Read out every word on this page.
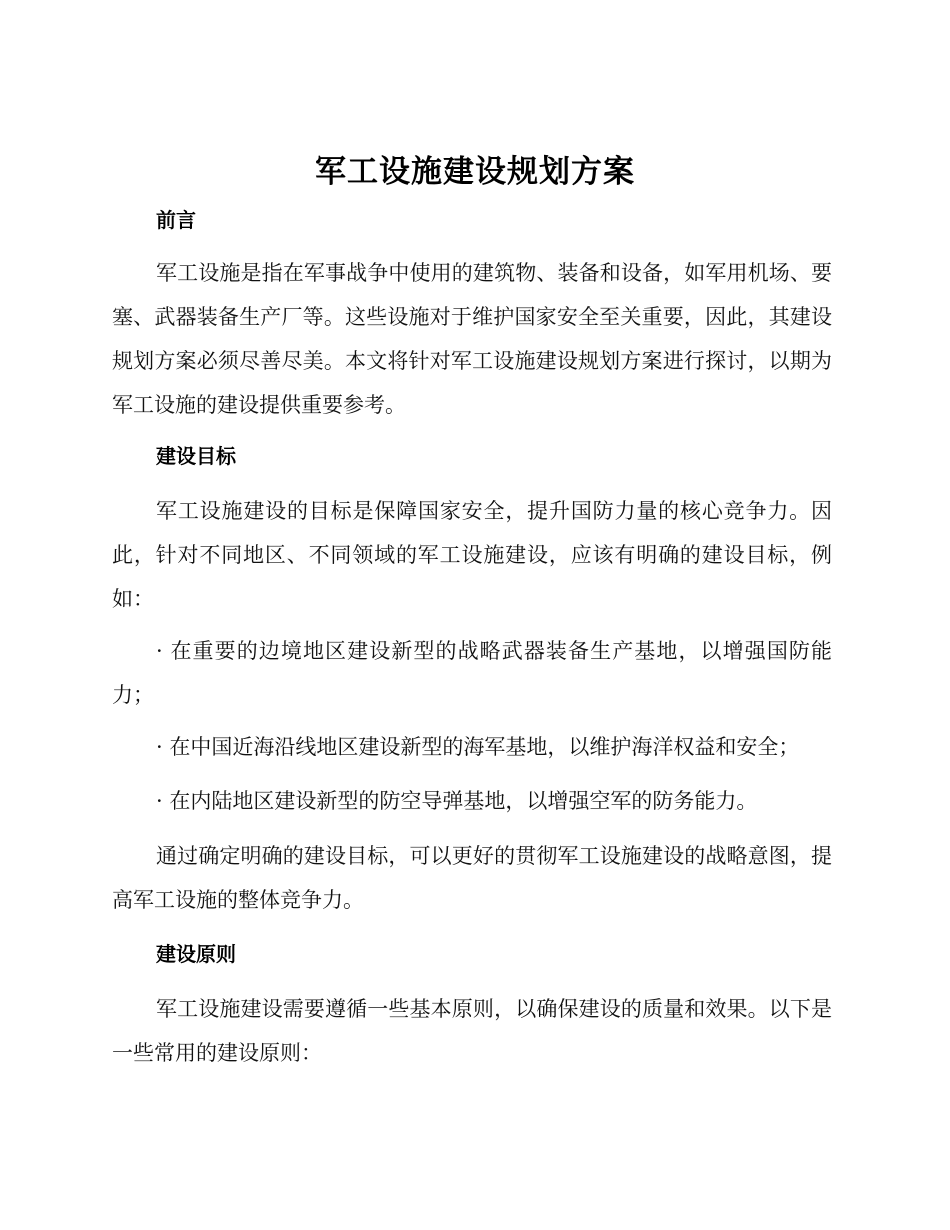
军工设施建设规划方案
前言
军工设施是指在军事战争中使用的建筑物、装备和设备，如军用机场、要塞、武器装备生产厂等。这些设施对于维护国家安全至关重要，因此，其建设规划方案必须尽善尽美。本文将针对军工设施建设规划方案进行探讨，以期为军工设施的建设提供重要参考。
建设目标
军工设施建设的目标是保障国家安全，提升国防力量的核心竞争力。因此，针对不同地区、不同领域的军工设施建设，应该有明确的建设目标，例如：
· 在重要的边境地区建设新型的战略武器装备生产基地，以增强国防能力；
· 在中国近海沿线地区建设新型的海军基地，以维护海洋权益和安全；
· 在内陆地区建设新型的防空导弹基地，以增强空军的防务能力。
通过确定明确的建设目标，可以更好的贯彻军工设施建设的战略意图，提高军工设施的整体竞争力。
建设原则
军工设施建设需要遵循一些基本原则，以确保建设的质量和效果。以下是一些常用的建设原则：
